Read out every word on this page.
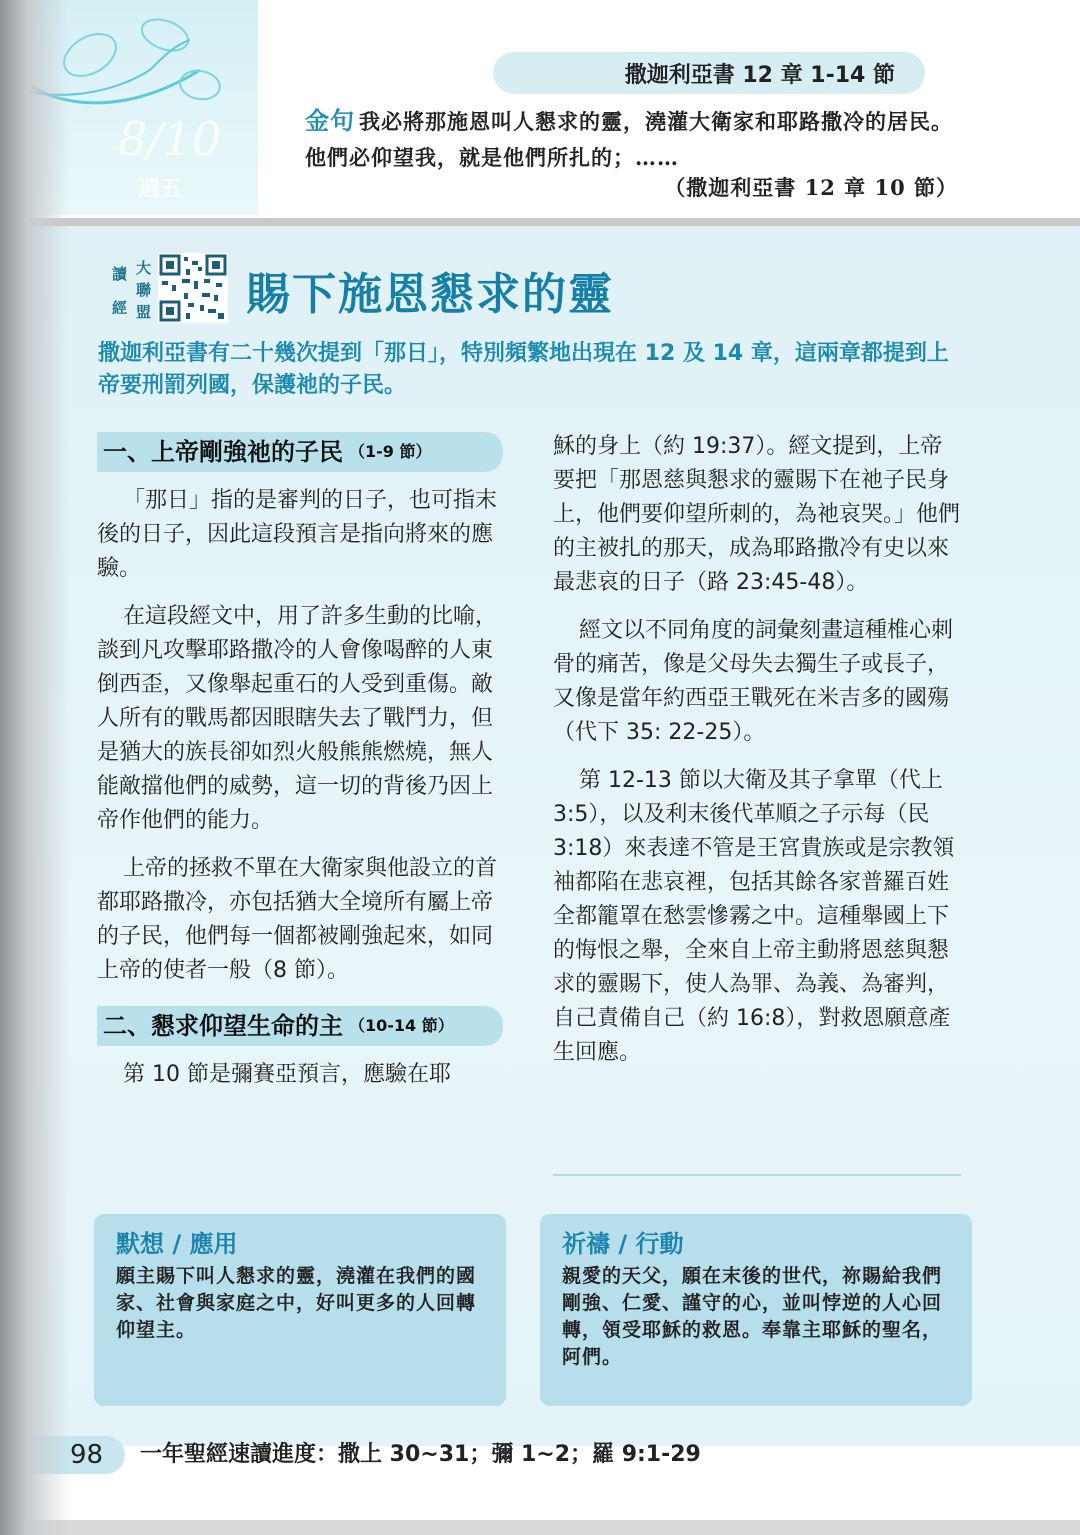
8/10
週五
撒迦利亞書 12 章 1-14 節
金句 我必將那施恩叫人懇求的靈，澆灌大衛家和耶路撒冷的居民。他們必仰望我，就是他們所扎的；……
（撒迦利亞書 12 章 10 節）
讀
經
大
聯
盟 賜下施恩懇求的靈
撒迦利亞書有二十幾次提到「那日」，特別頻繁地出現在 12 及 14 章，這兩章都提到上帝要刑罰列國，保護祂的子民。
一、上帝剛強祂的子民 （1-9 節）

「那日」指的是審判的日子，也可指末後的日子，因此這段預言是指向將來的應驗。

在這段經文中，用了許多生動的比喻，談到凡攻擊耶路撒冷的人會像喝醉的人東倒西歪，又像舉起重石的人受到重傷。敵人所有的戰馬都因眼瞎失去了戰鬥力，但是猶大的族長卻如烈火般熊熊燃燒，無人能敵擋他們的威勢，這一切的背後乃因上帝作他們的能力。

上帝的拯救不單在大衛家與他設立的首都耶路撒冷，亦包括猶大全境所有屬上帝的子民，他們每一個都被剛強起來，如同上帝的使者一般（8 節）。

二、懇求仰望生命的主 （10-14 節）

第 10 節是彌賽亞預言，應驗在耶

穌的身上（約 19:37）。經文提到，上帝要把「那恩慈與懇求的靈賜下在祂子民身上，他們要仰望所刺的，為祂哀哭。」他們的主被扎的那天，成為耶路撒冷有史以來最悲哀的日子（路 23:45-48）。

經文以不同角度的詞彙刻畫這種椎心刺骨的痛苦，像是父母失去獨生子或長子，又像是當年約西亞王戰死在米吉多的國殤（代下 35: 22-25）。

第 12-13 節以大衛及其子拿單（代上 3:5），以及利末後代革順之子示每（民 3:18）來表達不管是王宮貴族或是宗教領袖都陷在悲哀裡，包括其餘各家普羅百姓全都籠罩在愁雲慘霧之中。這種舉國上下的悔恨之舉，全來自上帝主動將恩慈與懇求的靈賜下，使人為罪、為義、為審判，自己責備自己（約 16:8），對救恩願意產生回應。

默想 / 應用
願主賜下叫人懇求的靈，澆灌在我們的國家、社會與家庭之中，好叫更多的人回轉仰望主。
祈禱 / 行動
親愛的天父，願在末後的世代，祢賜給我們剛強、仁愛、謹守的心，並叫悖逆的人心回轉，領受耶穌的救恩。奉靠主耶穌的聖名，阿們。
98 一年聖經速讀進度：撒上 30~31；彌 1~2；羅 9:1-29
